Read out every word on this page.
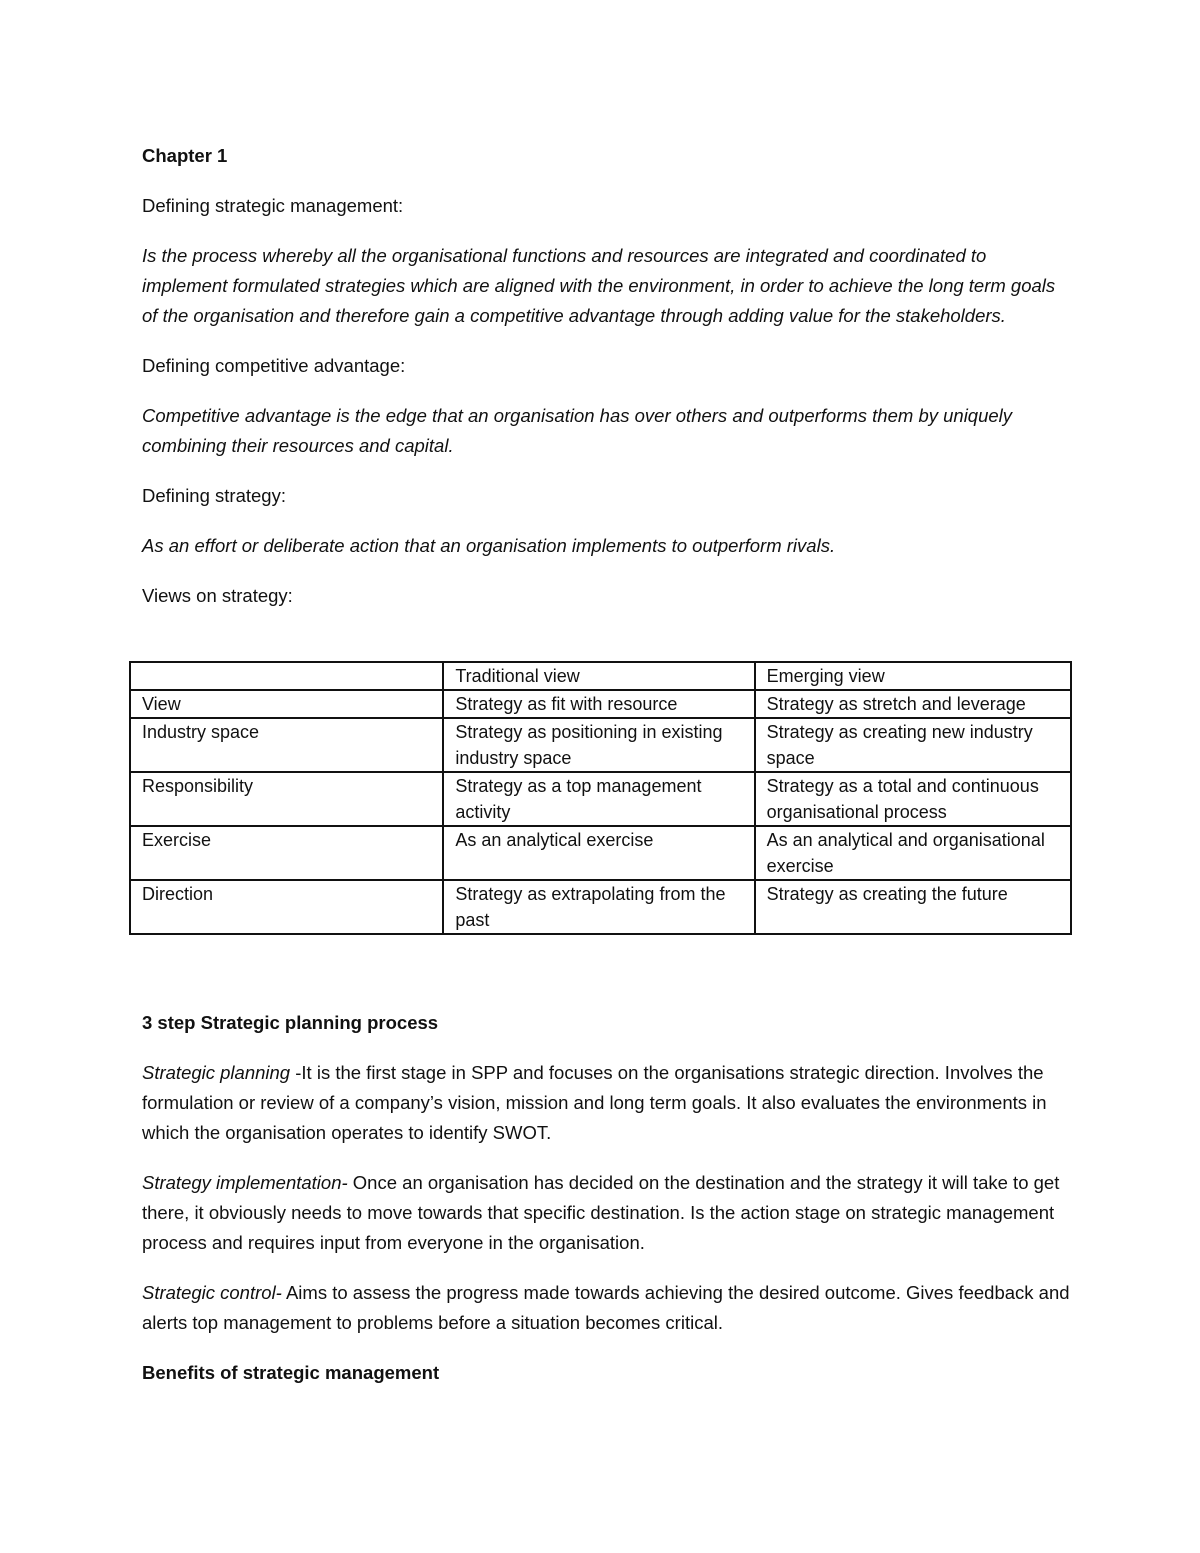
Chapter 1

Defining strategic management:

Is the process whereby all the organisational functions and resources are integrated and coordinated to implement formulated strategies which are aligned with the environment, in order to achieve the long term goals of the organisation and therefore gain a competitive advantage through adding value for the stakeholders.

Defining competitive advantage:

Competitive advantage is the edge that an organisation has over others and outperforms them by uniquely combining their resources and capital.

Defining strategy:

As an effort or deliberate action that an organisation implements to outperform rivals.

Views on strategy:

	Traditional view	Emerging view
View	Strategy as fit with resource	Strategy as stretch and leverage
Industry space	Strategy as positioning in existing industry space	Strategy as creating new industry space
Responsibility	Strategy as a top management activity	Strategy as a total and continuous organisational process
Exercise	As an analytical exercise	As an analytical and organisational exercise
Direction	Strategy as extrapolating from the past	Strategy as creating the future

3 step Strategic planning process

Strategic planning -It is the first stage in SPP and focuses on the organisations strategic direction. Involves the formulation or review of a company’s vision, mission and long term goals. It also evaluates the environments in which the organisation operates to identify SWOT.

Strategy implementation- Once an organisation has decided on the destination and the strategy it will take to get there, it obviously needs to move towards that specific destination. Is the action stage on strategic management process and requires input from everyone in the organisation.

Strategic control- Aims to assess the progress made towards achieving the desired outcome. Gives feedback and alerts top management to problems before a situation becomes critical.

Benefits of strategic management
